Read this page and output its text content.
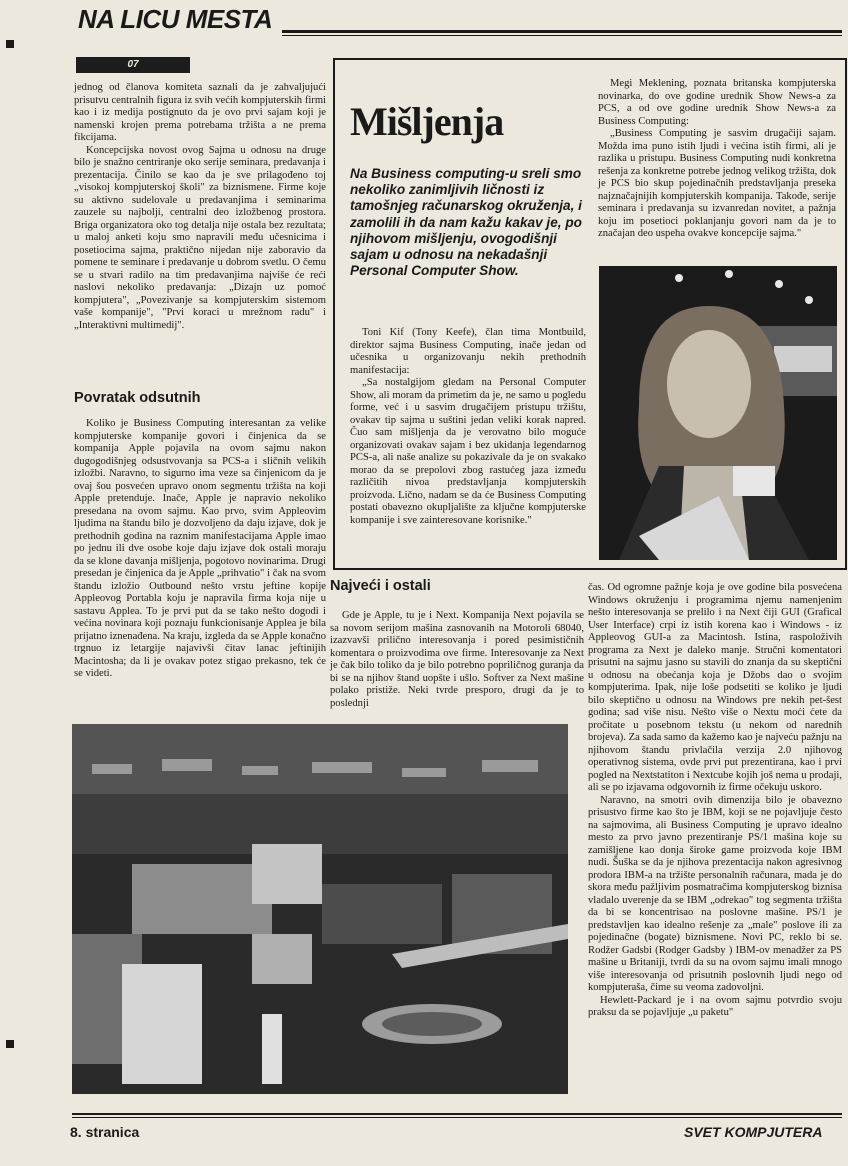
NA LICU MESTA
07

jednog od članova komiteta saznali da je zahvaljujući prisutvu centralnih figura iz svih većih kompjuterskih firmi kao i iz medija postignuto da je ovo prvi sajam koji je namenski krojen prema potrebama tržišta a ne prema fikcijama.

Koncepcijska novost ovog Sajma u odnosu na druge bilo je snažno centriranje oko serije seminara, predavanja i prezentacija. Činilo se kao da je sve prilagođeno toj „visokoj kompjuterskoj školi" za biznismene. Firme koje su aktivno sudelovale u predavanjima i seminarima zauzele su najbolji, centralni deo izložbenog prostora. Briga organizatora oko tog detalja nije ostala bez rezultata; u maloj anketi koju smo napravili među učesnicima i posetiocima sajma, praktično nijedan nije zaboravio da pomene te seminare i predavanje u dobrom svetlu. O čemu se u stvari radilo na tim predavanjima najviše će reći naslovi nekoliko predavanja: „Dizajn uz pomoć kompjutera", „Povezivanje sa kompjuterskim sistemom vaše kompanije", "Prvi koraci u mrežnom radu" i „Interaktivni multimedij".

Povratak odsutnih

Koliko je Business Computing interesantan za velike kompjuterske kompanije govori i činjenica da se kompanija Apple pojavila na ovom sajmu nakon dugogodišnjeg odsustvovanja sa PCS-a i sličnih velikih izložbi. Naravno, to sigurno ima veze sa činjenicom da je ovaj šou posvećen upravo onom segmentu tržišta na koji Apple pretenduje. Inače, Apple je napravio nekoliko presedana na ovom sajmu. Kao prvo, svim Appleovim ljudima na štandu bilo je dozvoljeno da daju izjave, dok je prethodnih godina na raznim manifestacijama Apple imao po jednu ili dve osobe koje daju izjave dok ostali moraju da se klone davanja mišljenja, pogotovo novinarima. Drugi presedan je činjenica da je Apple „prihvatio" i čak na svom štandu izložio Outbound nešto vrstu jeftine kopije Appleovog Portabla koju je napravila firma koja nije u sastavu Applea. To je prvi put da se tako nešto dogodi i većina novinara koji poznaju funkcionisanje Applea je bila prijatno iznenađena. Na kraju, izgleda da se Apple konačno trgnuo iz letargije najavivši čitav lanac jeftinijih Macintosha; da li je ovakav potez stigao prekasno, tek će se videti.

Mišljenja
Na Business computing-u sreli smo nekoliko zanimljivih ličnosti iz tamošnjeg računarskog okruženja, i zamolili ih da nam kažu kakav je, po njihovom mišljenju, ovogodišnji sajam u odnosu na nekadašnji Personal Computer Show.

Megi Meklening, poznata britanska kompjuterska novinarka, do ove godine urednik Show News-a za PCS, a od ove godine urednik Show News-a za Business Computing:

„Business Computing je sasvim drugačiji sajam. Možda ima puno istih ljudi i većina istih firmi, ali je razlika u pristupu. Business Computing nudi konkretna rešenja za konkretne potrebe jednog velikog tržišta, dok je PCS bio skup pojedinačnih predstavljanja preseka najznačajnijih kompjuterskih kompanija. Takođe, serije seminara i predavanja su izvanredan novitet, a pažnja koju im posetioci poklanjanju govori nam da je to značajan deo uspeha ovakve koncepcije sajma."

Toni Kif (Tony Keefe), član tima Montbuild, direktor sajma Business Computing, inače jedan od učesnika u organizovanju nekih prethodnih manifestacija:

„Sa nostalgijom gledam na Personal Computer Show, ali moram da primetim da je, ne samo u pogledu forme, već i u sasvim drugačijem pristupu tržištu, ovakav tip sajma u suštini jedan veliki korak napred. Čuo sam mišljenja da je verovatno bilo moguće organizovati ovakav sajam i bez ukidanja legendarnog PCS-a, ali naše analize su pokazivale da je on svakako morao da se prepolovi zbog rastućeg jaza između različitih nivoa predstavljanja kompjuterskih proizvoda. Lično, nadam se da će Business Computing postati obavezno okupljalište za ključne kompjuterske kompanije i sve zainteresovane korisnike."

Najveći i ostali

Gde je Apple, tu je i Next. Kompanija Next pojavila se sa novom serijom mašina zasnovanih na Motoroli 68040, izazvavši prilično interesovanja i pored pesimističnih komentara o proizvodima ove firme. Interesovanje za Next je čak bilo toliko da je bilo potrebno popriličnog guranja da bi se na njihov štand uopšte i ušlo. Softver za Next mašine polako pristiže. Neki tvrde presporo, drugi da je to poslednji

čas. Od ogromne pažnje koja je ove godine bila posvećena Windows okruženju i programima njemu namenjenim nešto interesovanja se prelilo i na Next čiji GUI (Grafical User Interface) crpi iz istih korena kao i Windows - iz Appleovog GUI-a za Macintosh. Istina, raspoloživih programa za Next je daleko manje. Stručni komentatori prisutni na sajmu jasno su stavili do znanja da su skeptični u odnosu na obećanja koja je Džobs dao o svojim kompjuterima. Ipak, nije loše podsetiti se koliko je ljudi bilo skeptično u odnosu na Windows pre nekih pet-šest godina; sad više nisu. Nešto više o Nextu moći ćete da pročitate u posebnom tekstu (u nekom od narednih brojeva). Za sada samo da kažemo kao je najveću pažnju na njihovom štandu privlačila verzija 2.0 njihovog operativnog sistema, ovde prvi put prezentirana, kao i prvi pogled na Nextstatiton i Nextcube kojih još nema u prodaji, ali se po izjavama odgovornih iz firme očekuju uskoro.

Naravno, na smotri ovih dimenzija bilo je obavezno prisustvo firme kao što je IBM, koji se ne pojavljuje često na sajmovima, ali Business Computing je upravo idealno mesto za prvo javno prezentiranje PS/1 mašina koje su zamišljene kao donja široke game proizvoda koje IBM nudi. Šuška se da je njihova prezentacija nakon agresivnog prodora IBM-a na tržište personalnih računara, mada je do skora među pažljivim posmatračima kompjuterskog biznisa vladalo uverenje da se IBM „odrekao" tog segmenta tržišta da bi se koncentrisao na poslovne mašine. PS/1 je predstavljen kao idealno rešenje za „male" poslove ili za pojedinačne (bogate) biznismene. Novi PC, reklo bi se. Rodžer Gadsbi (Rodger Gadsby ) IBM-ov menadžer za PS mašine u Britaniji, tvrdi da su na ovom sajmu imali mnogo više interesovanja od prisutnih poslovnih ljudi nego od kompjuteraša, čime su veoma zadovoljni.

Hewlett-Packard je i na ovom sajmu potvrdio svoju praksu da se pojavljuje „u paketu"

8. stranica	SVET KOMPJUTERA
